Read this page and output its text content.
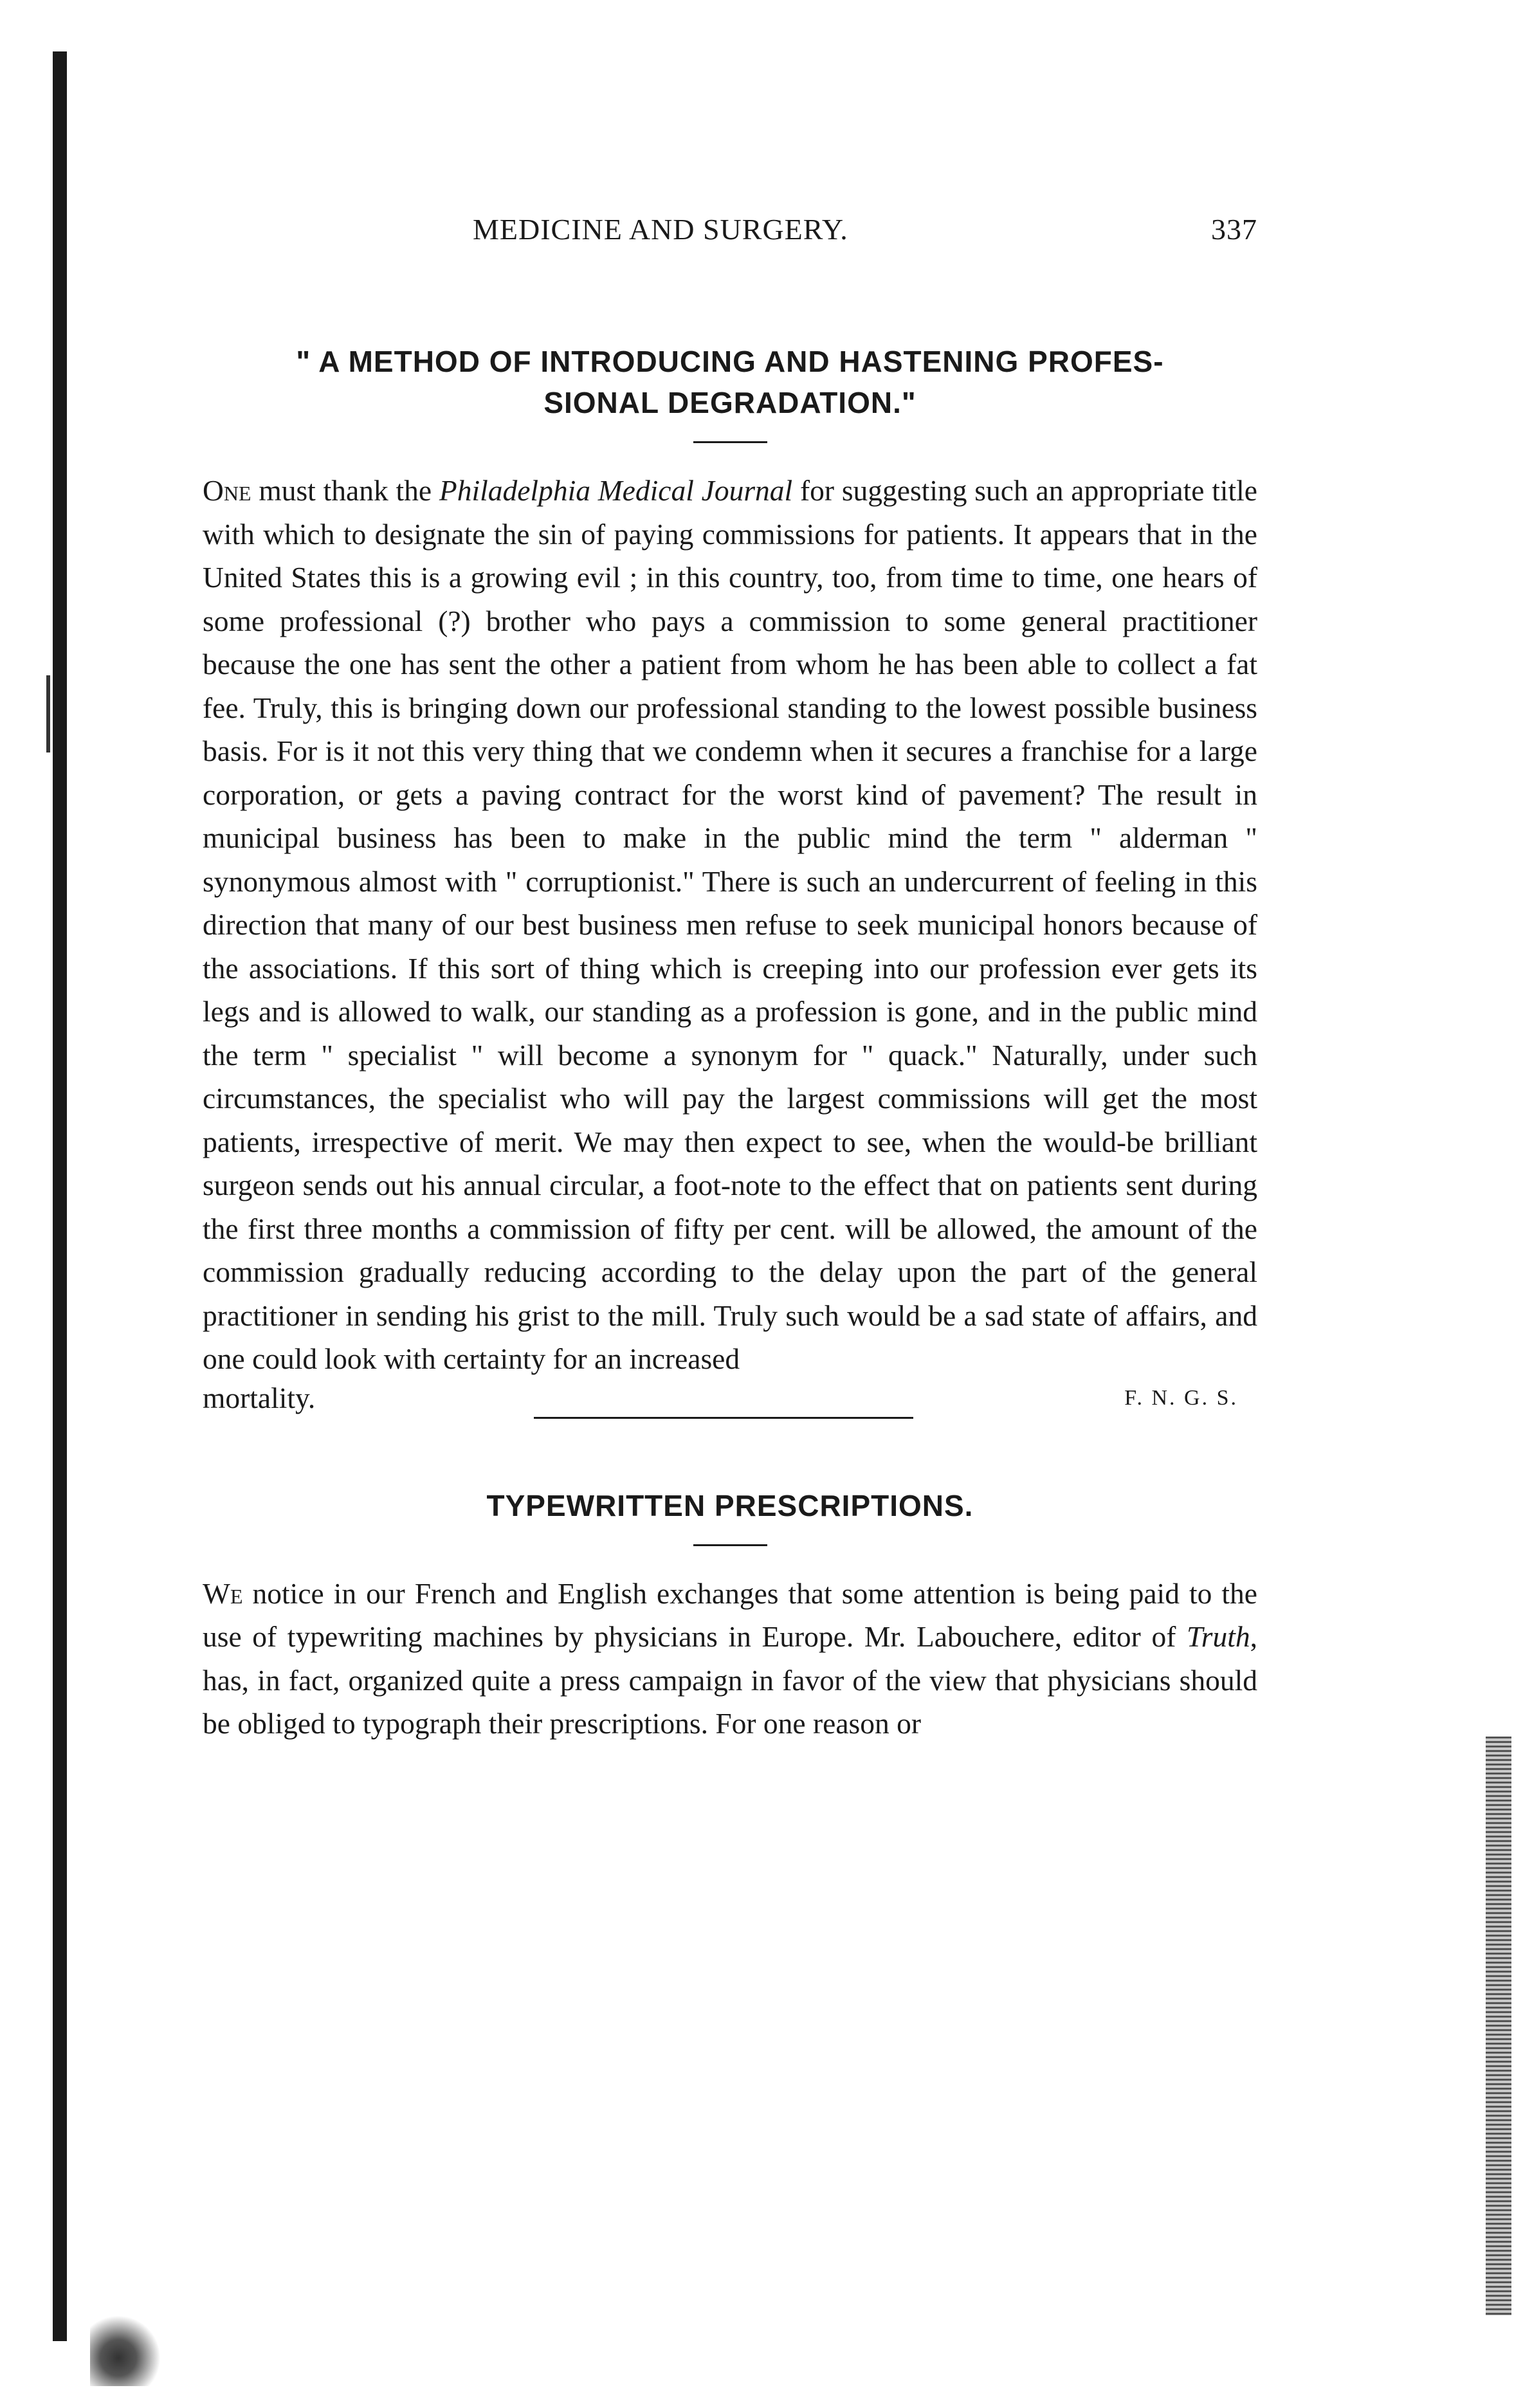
MEDICINE AND SURGERY.	337
" A METHOD OF INTRODUCING AND HASTENING PROFES-
SIONAL DEGRADATION."
One must thank the Philadelphia Medical Journal for suggesting such an appropriate title with which to designate the sin of paying commissions for patients. It appears that in the United States this is a growing evil ; in this country, too, from time to time, one hears of some professional (?) brother who pays a commission to some general practitioner because the one has sent the other a patient from whom he has been able to collect a fat fee. Truly, this is bringing down our professional standing to the lowest possible business basis. For is it not this very thing that we condemn when it secures a franchise for a large corporation, or gets a paving contract for the worst kind of pavement? The result in municipal business has been to make in the public mind the term " alderman " synonymous almost with " corruptionist." There is such an undercurrent of feeling in this direction that many of our best business men refuse to seek municipal honors because of the associations. If this sort of thing which is creeping into our profession ever gets its legs and is allowed to walk, our standing as a profession is gone, and in the public mind the term " specialist " will become a synonym for " quack." Naturally, under such circumstances, the specialist who will pay the largest commissions will get the most patients, irrespective of merit. We may then expect to see, when the would-be brilliant surgeon sends out his annual circular, a foot-note to the effect that on patients sent during the first three months a commission of fifty per cent. will be allowed, the amount of the commission gradually reducing according to the delay upon the part of the general practitioner in sending his grist to the mill. Truly such would be a sad state of affairs, and one could look with certainty for an increased
mortality.	F. N. G. S.
TYPEWRITTEN PRESCRIPTIONS.
We notice in our French and English exchanges that some attention is being paid to the use of typewriting machines by physicians in Europe. Mr. Labouchere, editor of Truth, has, in fact, organized quite a press campaign in favor of the view that physicians should be obliged to typograph their prescriptions. For one reason or
